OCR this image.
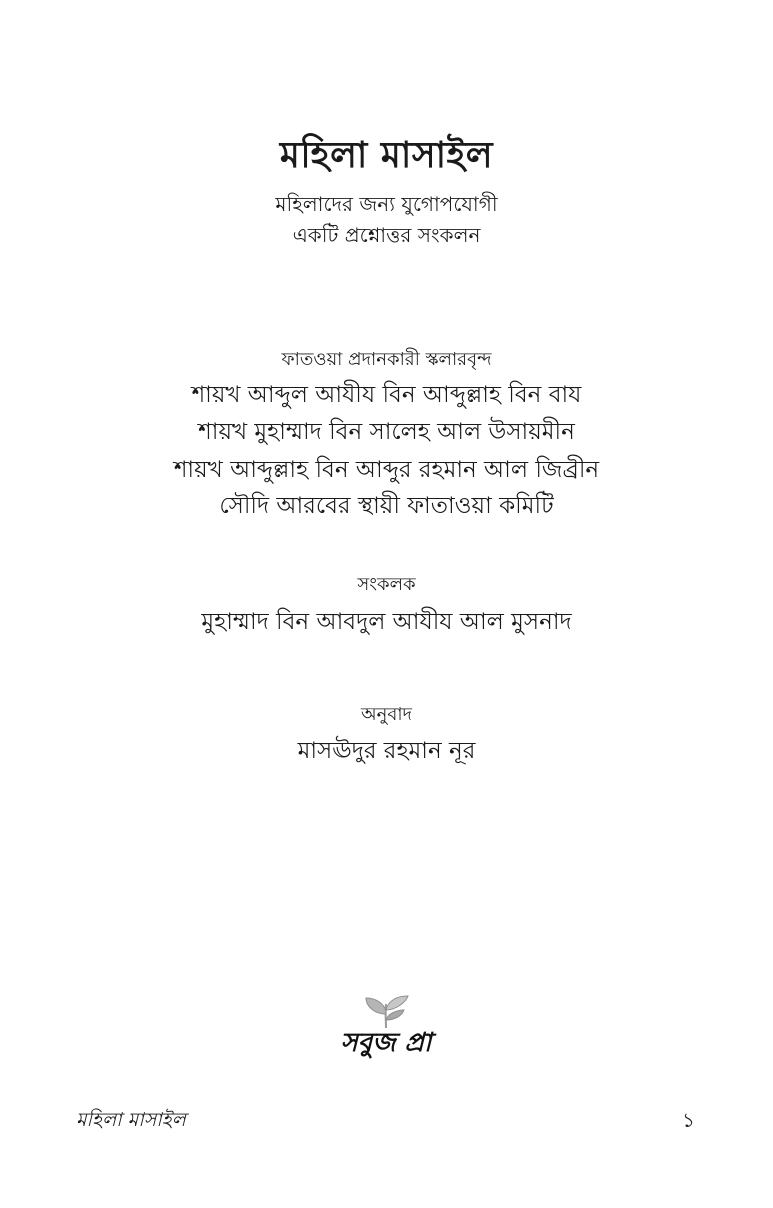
মহিলা মাসাইল
মহিলাদের জন্য যুগোপযোগী
একটি প্রশ্নোত্তর সংকলন
ফাতওয়া প্রদানকারী স্কলারবৃন্দ
শায়খ আব্দুল আযীয বিন আব্দুল্লাহ বিন বায
শায়খ মুহাম্মাদ বিন সালেহ আল উসায়মীন
শায়খ আব্দুল্লাহ বিন আব্দুর রহমান আল জিব্রীন
সৌদি আরবের স্থায়ী ফাতাওয়া কমিটি
সংকলক
মুহাম্মাদ বিন আবদুল আযীয আল মুসনাদ
অনুবাদ
মাসঊদুর রহমান নূর
সবুজ প্রা
মহিলা মাসাইল	১
